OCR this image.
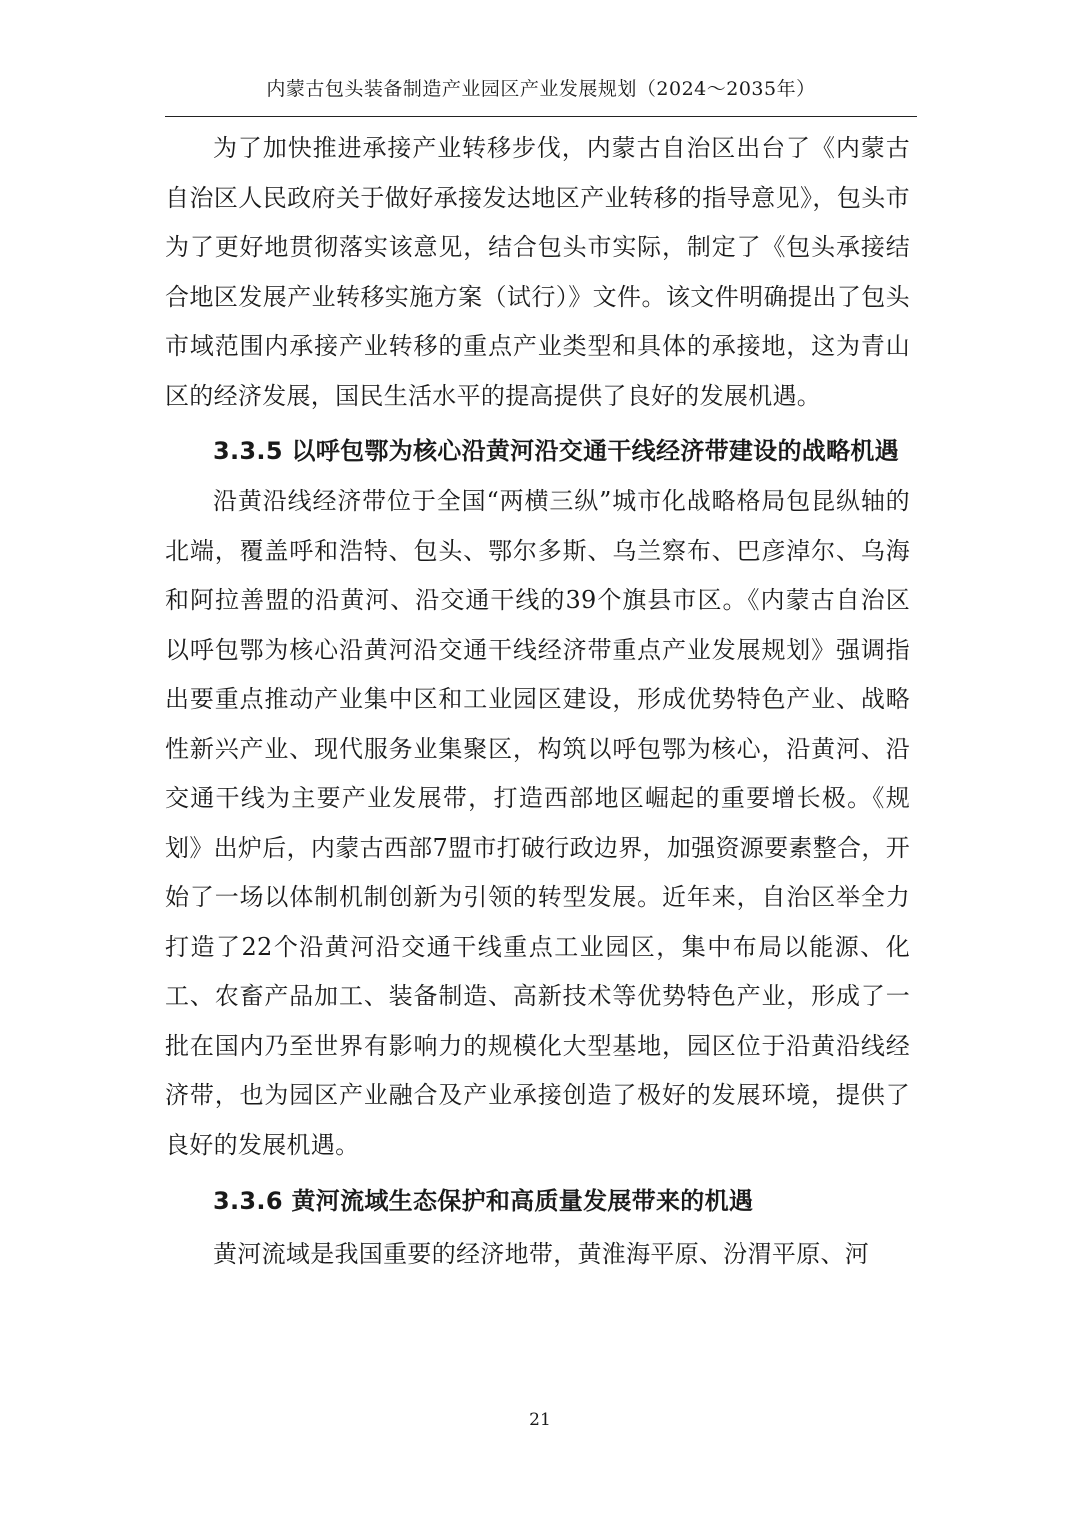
内蒙古包头装备制造产业园区产业发展规划（2024～2035年）

为了加快推进承接产业转移步伐，内蒙古自治区出台了《内蒙古自治区人民政府关于做好承接发达地区产业转移的指导意见》，包头市为了更好地贯彻落实该意见，结合包头市实际，制定了《包头承接结合地区发展产业转移实施方案（试行）》文件。该文件明确提出了包头市域范围内承接产业转移的重点产业类型和具体的承接地，这为青山区的经济发展，国民生活水平的提高提供了良好的发展机遇。

3.3.5 以呼包鄂为核心沿黄河沿交通干线经济带建设的战略机遇

沿黄沿线经济带位于全国“两横三纵”城市化战略格局包昆纵轴的北端，覆盖呼和浩特、包头、鄂尔多斯、乌兰察布、巴彦淖尔、乌海和阿拉善盟的沿黄河、沿交通干线的39个旗县市区。《内蒙古自治区以呼包鄂为核心沿黄河沿交通干线经济带重点产业发展规划》强调指出要重点推动产业集中区和工业园区建设，形成优势特色产业、战略性新兴产业、现代服务业集聚区，构筑以呼包鄂为核心，沿黄河、沿交通干线为主要产业发展带，打造西部地区崛起的重要增长极。《规划》出炉后，内蒙古西部7盟市打破行政边界，加强资源要素整合，开始了一场以体制机制创新为引领的转型发展。近年来，自治区举全力打造了22个沿黄河沿交通干线重点工业园区，集中布局以能源、化工、农畜产品加工、装备制造、高新技术等优势特色产业，形成了一批在国内乃至世界有影响力的规模化大型基地，园区位于沿黄沿线经济带，也为园区产业融合及产业承接创造了极好的发展环境，提供了良好的发展机遇。

3.3.6 黄河流域生态保护和高质量发展带来的机遇

黄河流域是我国重要的经济地带，黄淮海平原、汾渭平原、河

21
